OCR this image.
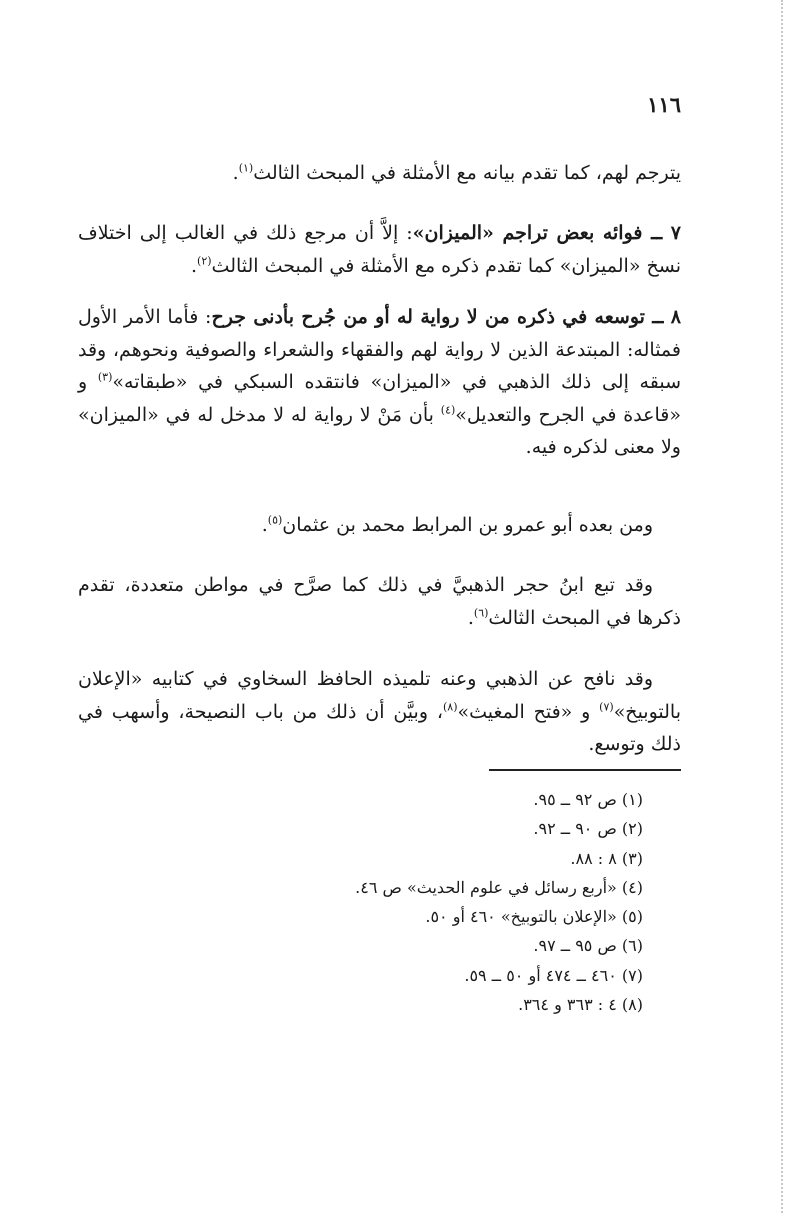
١١٦

يترجم لهم، كما تقدم بيانه مع الأمثلة في المبحث الثالث$^{(١)}$.

٧ ــ فوائه بعض تراجم «الميزان»: إلاَّ أن مرجع ذلك في الغالب إلى اختلاف نسخ «الميزان» كما تقدم ذكره مع الأمثلة في المبحث الثالث$^{(٢)}$.

٨ ــ توسعه في ذكره من لا رواية له أو من جُرح بأدنى جرح: فأما الأمر الأول فمثاله: المبتدعة الذين لا رواية لهم والفقهاء والشعراء والصوفية ونحوهم، وقد سبقه إلى ذلك الذهبي في «الميزان» فانتقده السبكي في «طبقاته»$^{(٣)}$ و «قاعدة في الجرح والتعديل»$^{(٤)}$ بأن مَنْ لا رواية له لا مدخل له في «الميزان» ولا معنى لذكره فيه.

ومن بعده أبو عمرو بن المرابط محمد بن عثمان$^{(٥)}$.

وقد تبع ابنُ حجر الذهبيَّ في ذلك كما صرَّح في مواطن متعددة، تقدم ذكرها في المبحث الثالث$^{(٦)}$.

وقد نافح عن الذهبي وعنه تلميذه الحافظ السخاوي في كتابيه «الإعلان بالتوبيخ»$^{(٧)}$ و «فتح المغيث»$^{(٨)}$، وبيَّن أن ذلك من باب النصيحة، وأسهب في ذلك وتوسع.

(١) ص ٩٢ ــ ٩٥.
(٢) ص ٩٠ ــ ٩٢.
(٣) ٨ : ٨٨.
(٤) «أربع رسائل في علوم الحديث» ص ٤٦.
(٥) «الإعلان بالتوبيخ» ٤٦٠ أو ٥٠.
(٦) ص ٩٥ ــ ٩٧.
(٧) ٤٦٠ ــ ٤٧٤ أو ٥٠ ــ ٥٩.
(٨) ٤ : ٣٦٣ و ٣٦٤.
